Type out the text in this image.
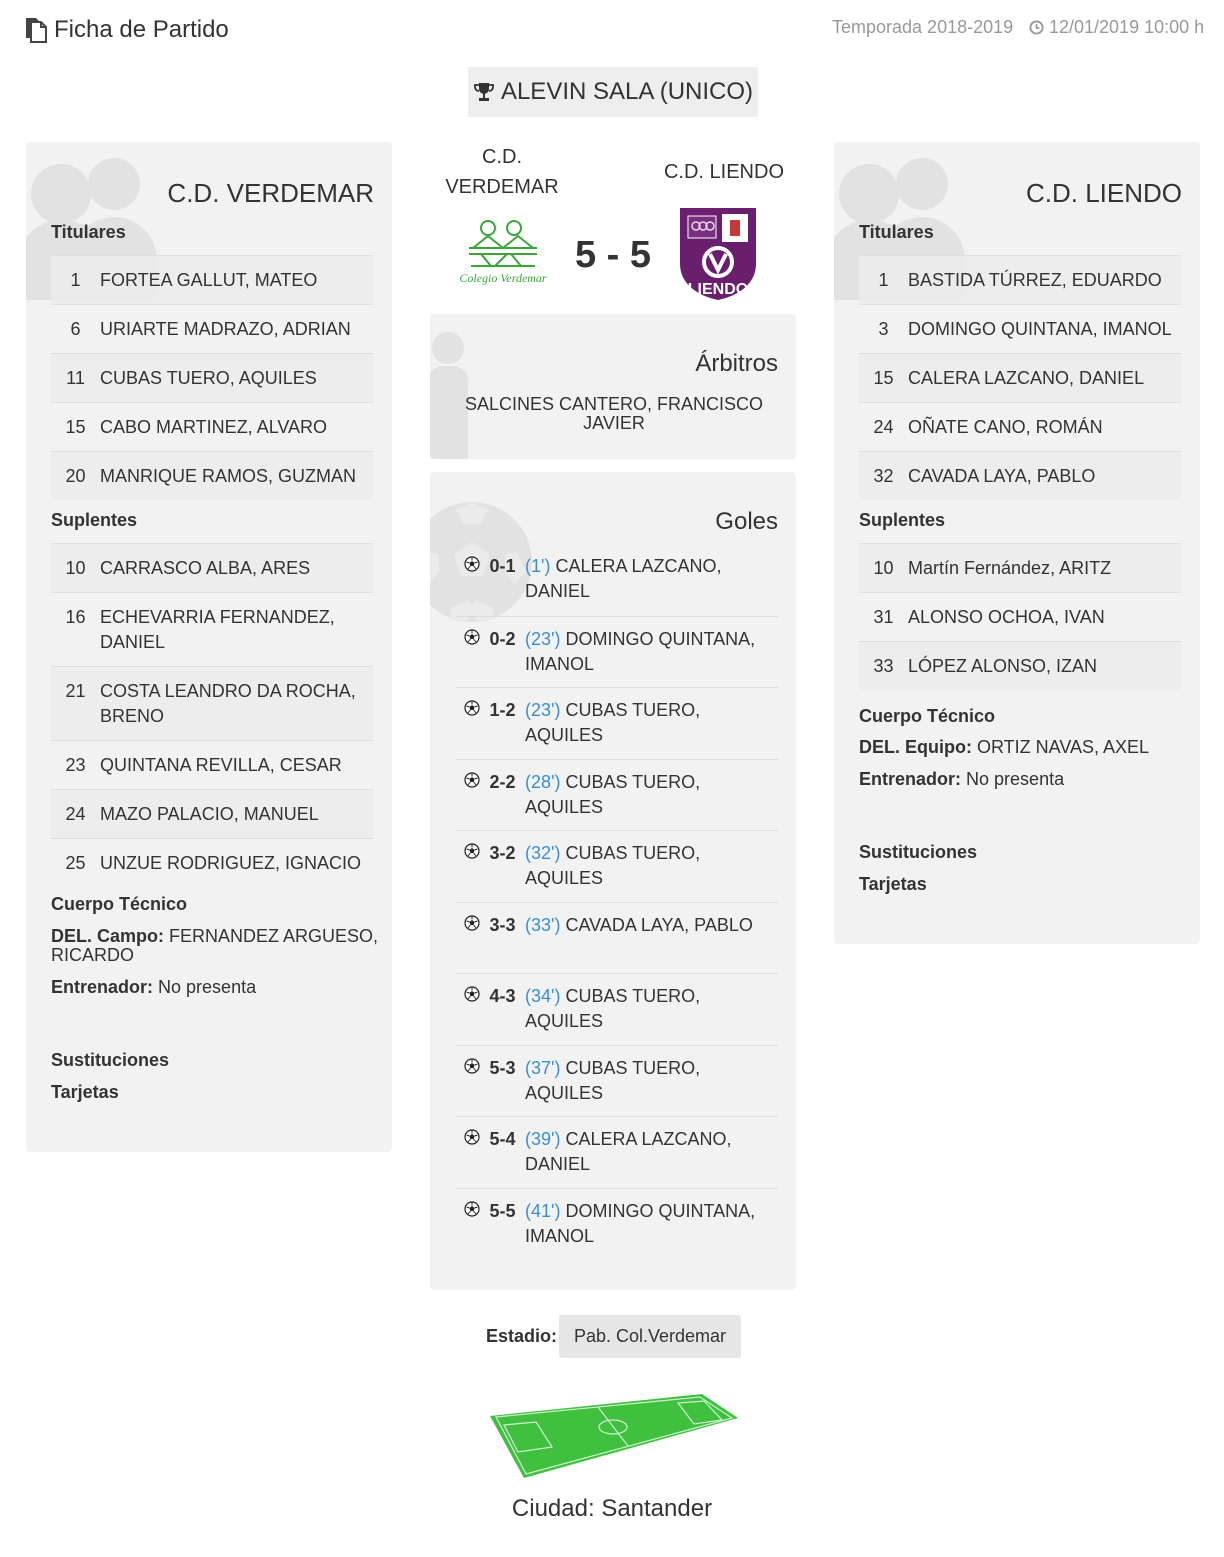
Ficha de Partido	Temporada 2018-2019 12/01/2019 10:00 h
ALEVIN SALA (UNICO)
C.D. VERDEMAR
Titulares
1	FORTEA GALLUT, MATEO
6	URIARTE MADRAZO, ADRIAN
11 CUBAS TUERO, AQUILES
15 CABO MARTINEZ, ALVARO
20 MANRIQUE RAMOS, GUZMAN
Suplentes
10 CARRASCO ALBA, ARES
16 ECHEVARRIA FERNANDEZ, DANIEL
21 COSTA LEANDRO DA ROCHA, BRENO
23 QUINTANA REVILLA, CESAR
24 MAZO PALACIO, MANUEL
25 UNZUE RODRIGUEZ, IGNACIO
Cuerpo Técnico
DEL. Campo: FERNANDEZ ARGUESO, RICARDO
Entrenador: No presenta
Sustituciones
Tarjetas
C.D. LIENDO
Titulares
1	BASTIDA TÚRREZ, EDUARDO
3	DOMINGO QUINTANA, IMANOL
15 CALERA LAZCANO, DANIEL
24 OÑATE CANO, ROMÁN
32 CAVADA LAYA, PABLO
Suplentes
10 Martín Fernández, ARITZ
31 ALONSO OCHOA, IVAN
33 LÓPEZ ALONSO, IZAN
Cuerpo Técnico
DEL. Equipo: ORTIZ NAVAS, AXEL
Entrenador: No presenta
Sustituciones
Tarjetas
C.D. VERDEMAR
C.D. LIENDO
Colegio Verdemar
5 - 5
LIENDO
Árbitros
SALCINES CANTERO, FRANCISCO JAVIER
Goles
0-1 (1') CALERA LAZCANO, DANIEL
0-2 (23') DOMINGO QUINTANA, IMANOL
1-2 (23') CUBAS TUERO, AQUILES
2-2 (28') CUBAS TUERO, AQUILES
3-2 (32') CUBAS TUERO, AQUILES
3-3 (33') CAVADA LAYA, PABLO
4-3 (34') CUBAS TUERO, AQUILES
5-3 (37') CUBAS TUERO, AQUILES
5-4 (39') CALERA LAZCANO, DANIEL
5-5 (41') DOMINGO QUINTANA, IMANOL
Estadio: Pab. Col.Verdemar
Ciudad: Santander
